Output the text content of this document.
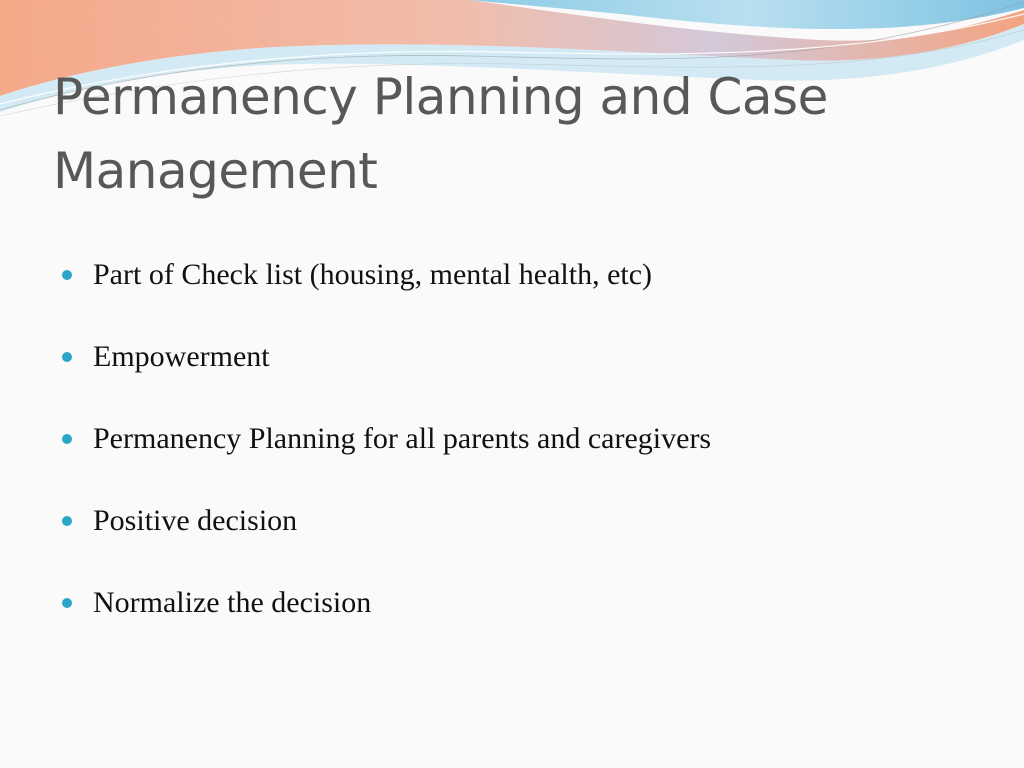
Permanency Planning and Case Management
Part of Check list (housing, mental health, etc)
Empowerment
Permanency Planning for all parents and caregivers
Positive decision
Normalize the decision
